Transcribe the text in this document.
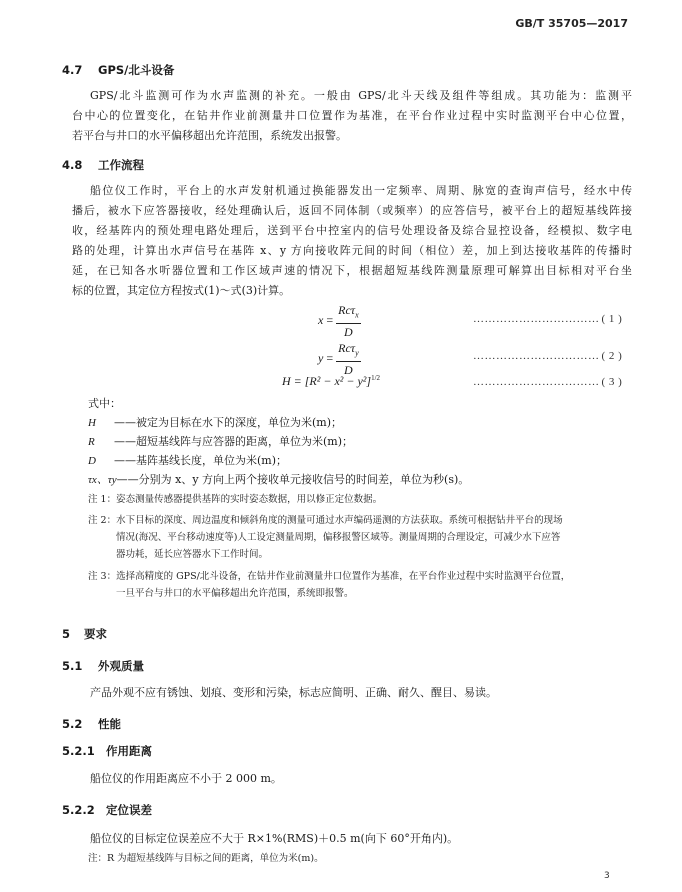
GB/T 35705—2017
4.7 GPS/北斗设备
GPS/北斗监测可作为水声监测的补充。一般由 GPS/北斗天线及组件等组成。其功能为：监测平
台中心的位置变化，在钻井作业前测量井口位置作为基准，在平台作业过程中实时监测平台中心位置，
若平台与井口的水平偏移超出允许范围，系统发出报警。
4.8 工作流程
船位仪工作时，平台上的水声发射机通过换能器发出一定频率、周期、脉宽的查询声信号，经水中传
播后，被水下应答器接收，经处理确认后，返回不同体制（或频率）的应答信号，被平台上的超短基线阵接
收，经基阵内的预处理电路处理后，送到平台中控室内的信号处理设备及综合显控设备，经模拟、数字电
路的处理，计算出水声信号在基阵 x、y 方向接收阵元间的时间（相位）差，加上到达接收基阵的传播时
延，在已知各水听器位置和工作区域声速的情况下，根据超短基线阵测量原理可解算出目标相对平台坐
标的位置，其定位方程按式(1)～式(3)计算。
$x = \frac{Rc\tau_x}{D}$	…………………………… ( 1 )
$y = \frac{Rc\tau_y}{D}$	…………………………… ( 2 )
$H = [R^2 - x^2 - y^2]^{1/2}$	…………………………… ( 3 )
式中：
H ——被定为目标在水下的深度，单位为米(m)；
R ——超短基线阵与应答器的距离，单位为米(m)；
D ——基阵基线长度，单位为米(m)；
τx、τy——分别为 x、y 方向上两个接收单元接收信号的时间差，单位为秒(s)。
注 1：姿态测量传感器提供基阵的实时姿态数据，用以修正定位数据。
注 2：水下目标的深度、周边温度和倾斜角度的测量可通过水声编码遥测的方法获取。系统可根据钻井平台的现场
情况(海况、平台移动速度等)人工设定测量周期，偏移报警区域等。测量周期的合理设定，可减少水下应答
器功耗，延长应答器水下工作时间。
注 3：选择高精度的 GPS/北斗设备，在钻井作业前测量井口位置作为基准，在平台作业过程中实时监测平台位置，
一旦平台与井口的水平偏移超出允许范围，系统即报警。
5 要求
5.1 外观质量
产品外观不应有锈蚀、划痕、变形和污染，标志应简明、正确、耐久、醒目、易读。
5.2 性能
5.2.1 作用距离
船位仪的作用距离应不小于 2 000 m。
5.2.2 定位误差
船位仪的目标定位误差应不大于 R×1%(RMS)＋0.5 m(向下 60°开角内)。
注：R 为超短基线阵与目标之间的距离，单位为米(m)。
3
